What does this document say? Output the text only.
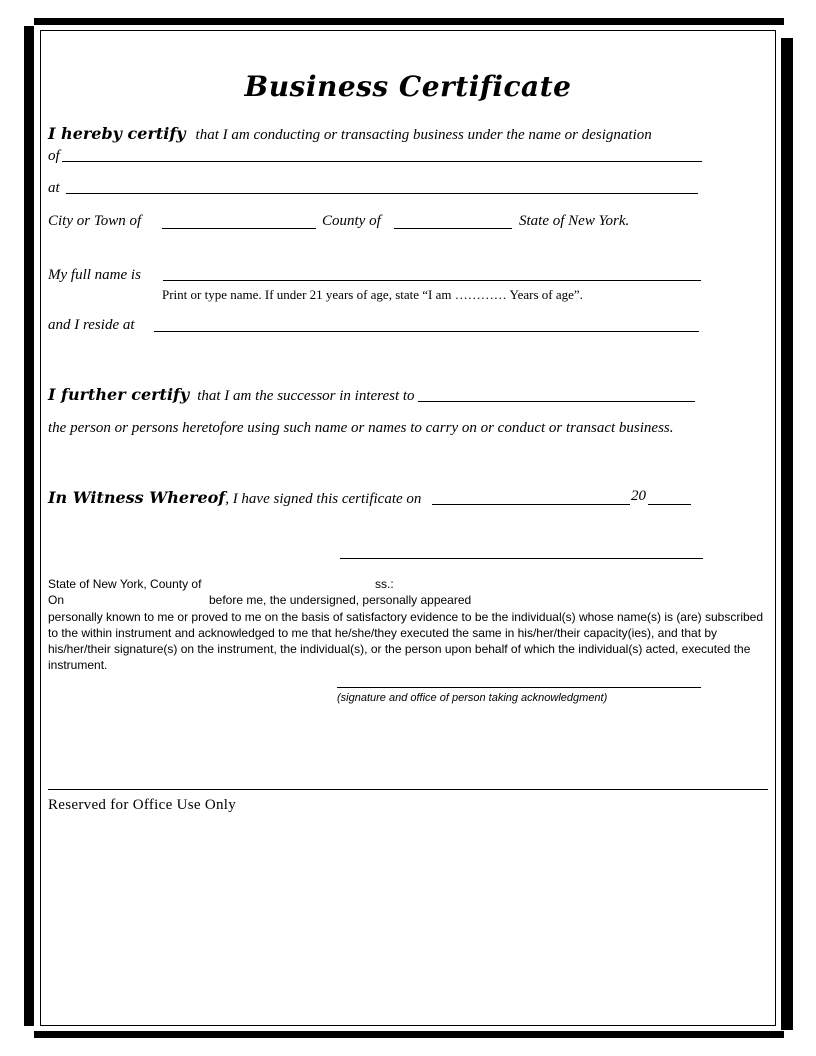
Business Certificate
I hereby certify that I am conducting or transacting business under the name or designation
of
at
City or Town of	County of	State of New York.
My full name is
Print or type name. If under 21 years of age, state “I am ………… Years of age”.
and I reside at
I further certify that I am the successor in interest to
the person or persons heretofore using such name or names to carry on or conduct or transact business.
In Witness Whereof, I have signed this certificate on	20
State of New York, County of	ss.:
On	before me, the undersigned, personally appeared
personally known to me or proved to me on the basis of satisfactory evidence to be the individual(s) whose name(s) is (are) subscribed to the within instrument and acknowledged to me that he/she/they executed the same in his/her/their capacity(ies), and that by his/her/their signature(s) on the instrument, the individual(s), or the person upon behalf of which the individual(s) acted, executed the instrument.
(signature and office of person taking acknowledgment)
Reserved for Office Use Only
